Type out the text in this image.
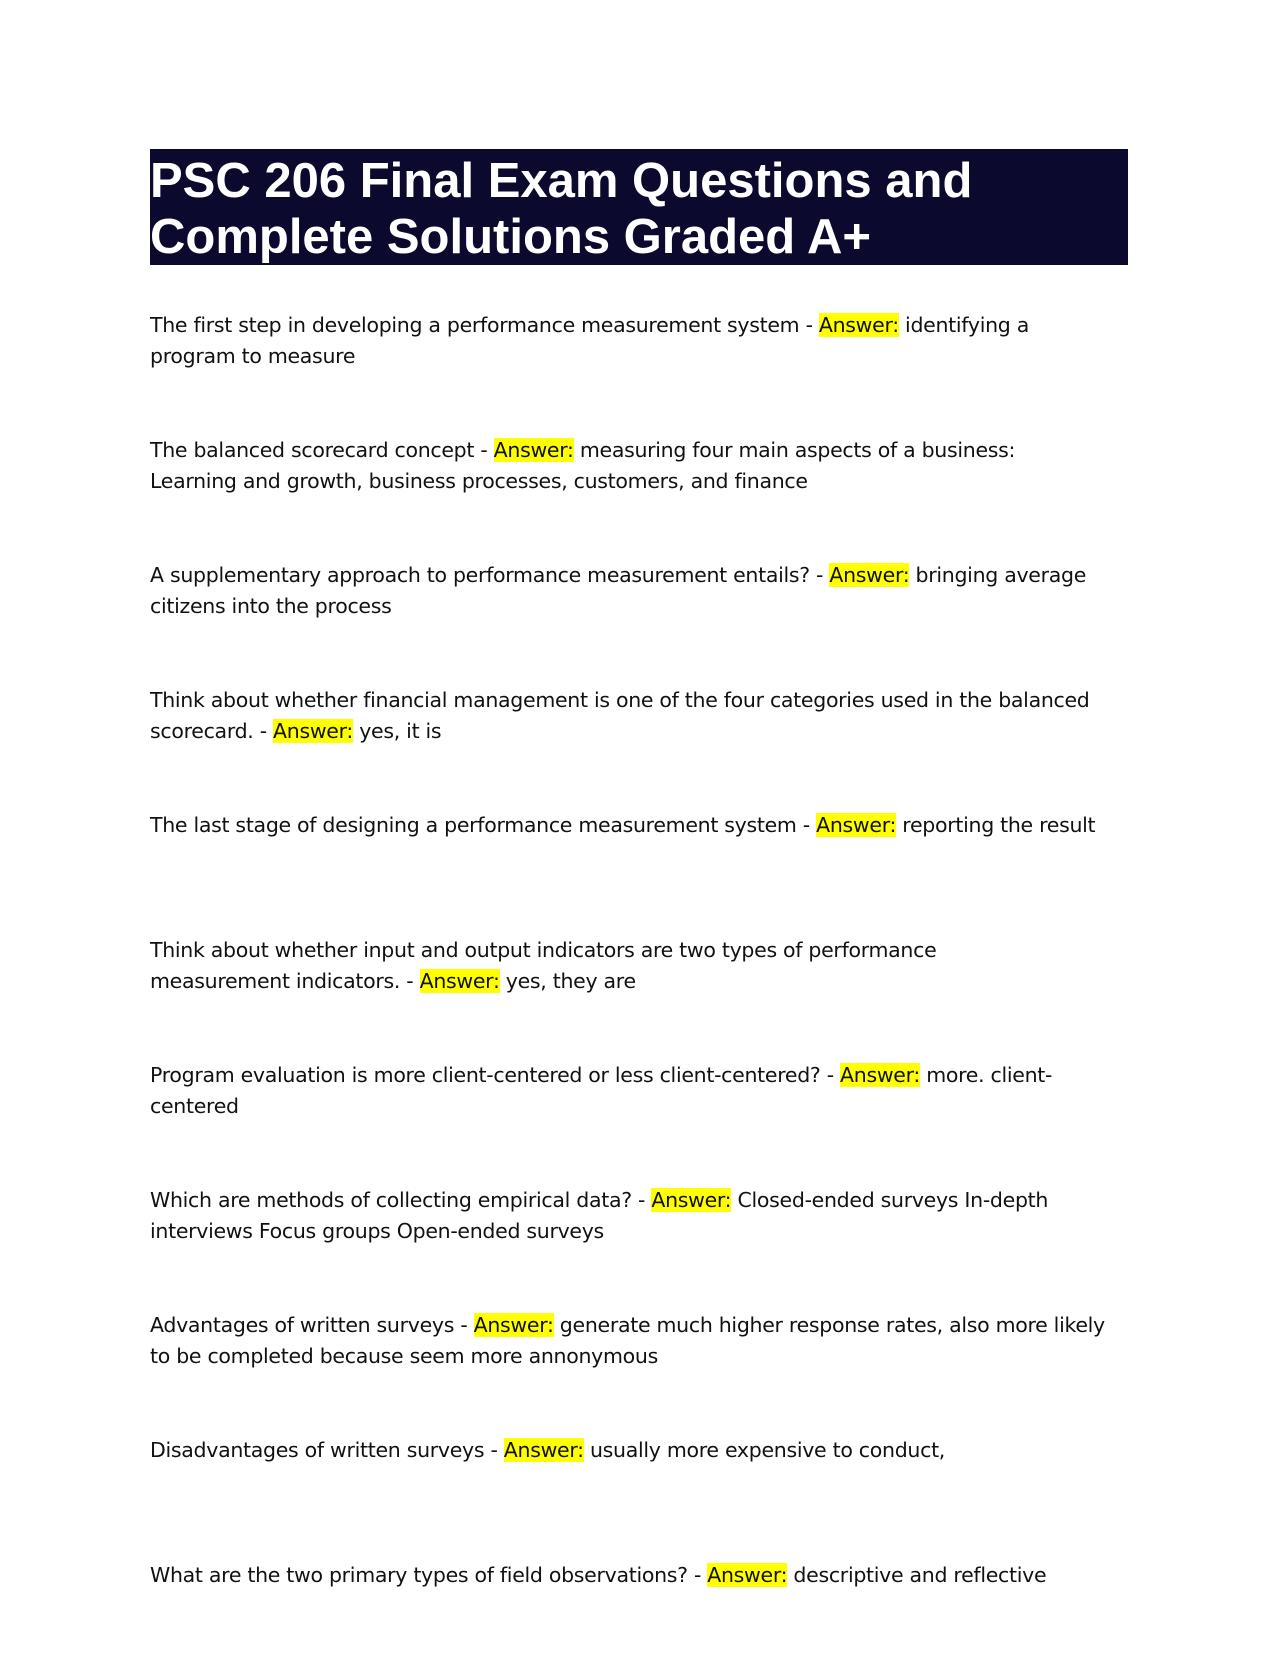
PSC 206 Final Exam Questions and
Complete Solutions Graded A+

The first step in developing a performance measurement system - Answer: identifying a program to measure

The balanced scorecard concept - Answer: measuring four main aspects of a business: Learning and growth, business processes, customers, and finance

A supplementary approach to performance measurement entails? - Answer: bringing average citizens into the process

Think about whether financial management is one of the four categories used in the balanced scorecard. - Answer: yes, it is

The last stage of designing a performance measurement system - Answer: reporting the result

Think about whether input and output indicators are two types of performance measurement indicators. - Answer: yes, they are

Program evaluation is more client-centered or less client-centered? - Answer: more. client- centered

Which are methods of collecting empirical data? - Answer: Closed-ended surveys In-depth interviews Focus groups Open-ended surveys

Advantages of written surveys - Answer: generate much higher response rates, also more likely to be completed because seem more annonymous

Disadvantages of written surveys - Answer: usually more expensive to conduct,

What are the two primary types of field observations? - Answer: descriptive and reflective
